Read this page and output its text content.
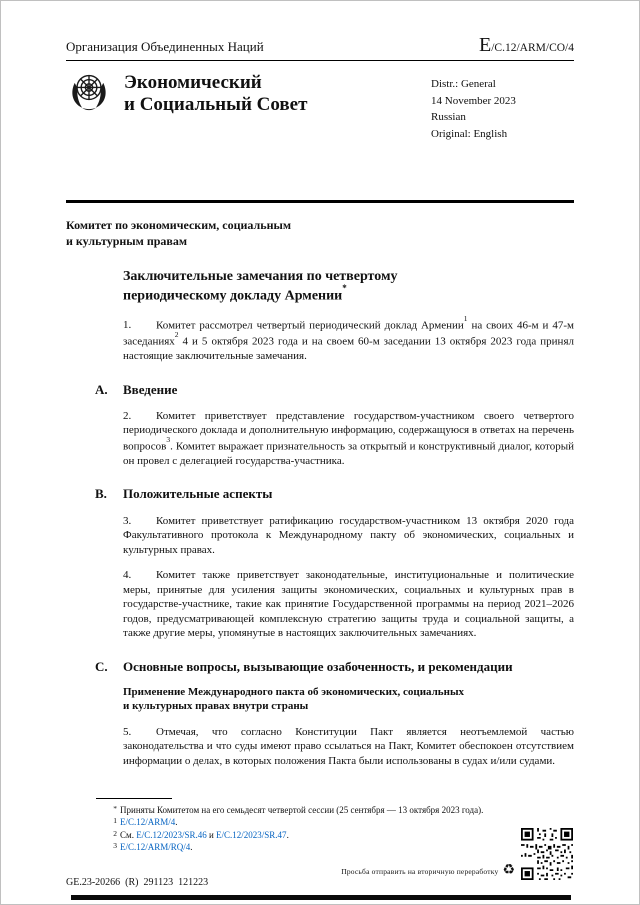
Организация Объединенных Наций	E /C.12/ARM/CO/4
Экономический
и Социальный Совет
Distr.: General
14 November 2023
Russian
Original: English
Комитет по экономическим, социальным
и культурным правам
Заключительные замечания по четвертому периодическому докладу Армении*

1. Комитет рассмотрел четвертый периодический доклад Армении$^1$ на своих 46-м и 47-м заседаниях$^2$ 4 и 5 октября 2023 года и на своем 60-м заседании 13 октября 2023 года принял настоящие заключительные замечания.

A. Введение

2. Комитет приветствует представление государством-участником своего четвертого периодического доклада и дополнительную информацию, содержащуюся в ответах на перечень вопросов$^3$. Комитет выражает признательность за открытый и конструктивный диалог, который он провел с делегацией государства-участника.

B. Положительные аспекты

3. Комитет приветствует ратификацию государством-участником 13 октября 2020 года Факультативного протокола к Международному пакту об экономических, социальных и культурных правах.

4. Комитет также приветствует законодательные, институциональные и политические меры, принятые для усиления защиты экономических, социальных и культурных прав в государстве-участнике, такие как принятие Государственной программы на период 2021–2026 годов, предусматривающей комплексную стратегию защиты труда и социальной защиты, а также другие меры, упомянутые в настоящих заключительных замечаниях.

C. Основные вопросы, вызывающие озабоченность, и рекомендации
Применение Международного пакта об экономических, социальных и культурных правах внутри страны

5. Отмечая, что согласно Конституции Пакт является неотъемлемой частью законодательства и что суды имеют право ссылаться на Пакт, Комитет обеспокоен отсутствием информации о делах, в которых положения Пакта были использованы в судах и/или судами.

* Приняты Комитетом на его семьдесят четвертой сессии (25 сентября — 13 октября 2023 года).
1 E/C.12/ARM/4.
2 См. E/C.12/2023/SR.46 и E/C.12/2023/SR.47.
3 E/C.12/ARM/RQ/4.
GE.23-20266  (R)  291123  121223
Просьба отправить на вторичную переработку ♻
